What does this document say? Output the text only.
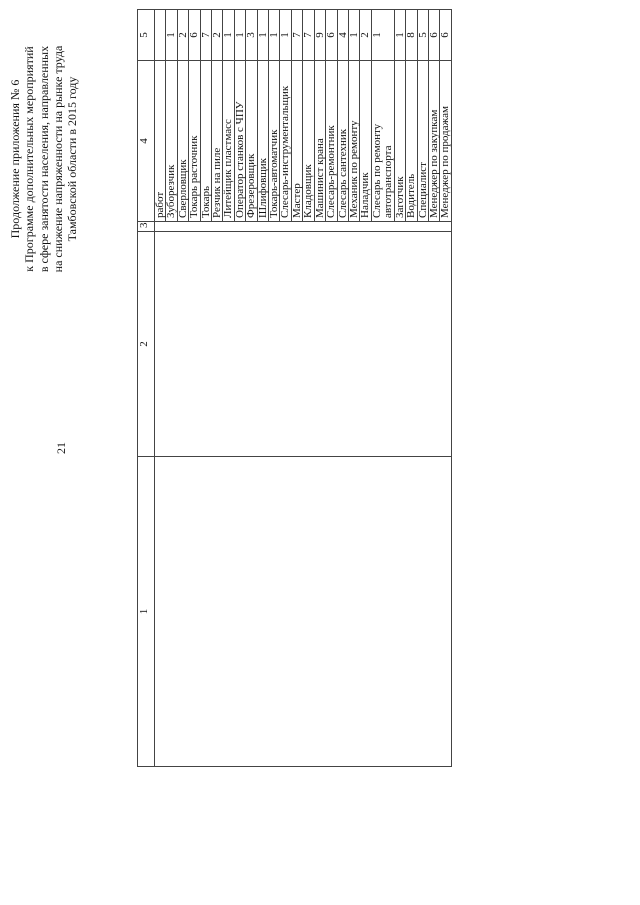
21
Продолжение приложения № 6 к Программе дополнительных мероприятий в сфере занятости населения, направленных на снижение напряженности на рынке труда Тамбовской области в 2015 году
1	2	3	4	5
			работ	
			Зуборезчик	1
			Сверловщик	2
			Токарь расточник	6
			Токарь	7
			Резчик на пиле	2
			Литейщик пластмасс	1
			Оператор станков с ЧПУ	1
			Фрезеровщик	3
			Шлифовщик	1
			Токарь-автоматчик	1
			Слесарь-инструментальщик	1
			Мастер	7
			Кладовщик	7
			Машинист крана	9
			Слесарь-ремонтник	6
			Слесарь сантехник	4
			Механик по ремонту	1
			Наладчик	2
			Слесарь по ремонту автотранспорта	1
			Заготчик	1
			Водитель	8
			Специалист	5
			Менеджер по закупкам	6
			Менеджер по продажам	6
